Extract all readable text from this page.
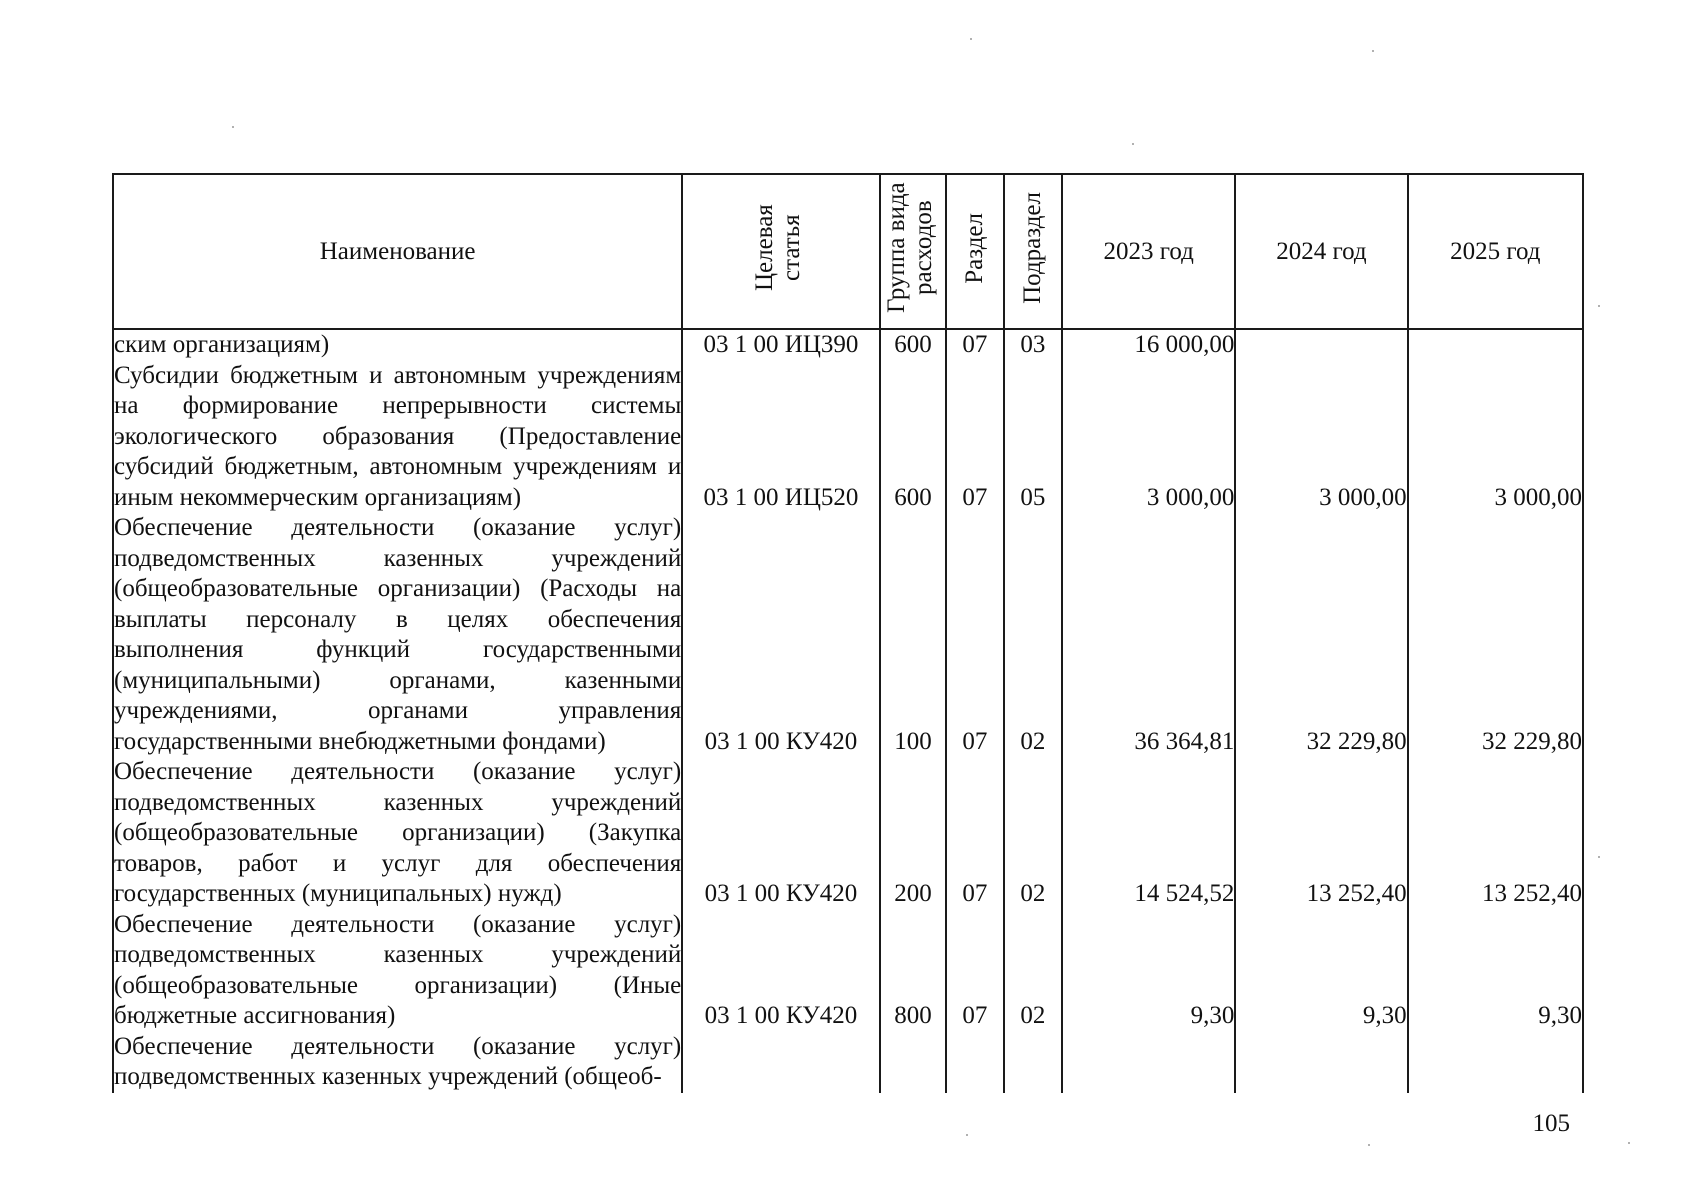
Наименование	Целевая статья	Группа вида расходов	Раздел	Подраздел	2023 год	2024 год	2025 год
ским организациям)	03 1 00 ИЦ390	600	07	03	16 000,00		
Субсидии бюджетным и автономным учреждениям на формирование непрерывности системы экологического образования (Предоставление субсидий бюджетным, автономным учреждениям и иным некоммерческим организациям)	03 1 00 ИЦ520	600	07	05	3 000,00	3 000,00	3 000,00
Обеспечение деятельности (оказание услуг) подведомственных казенных учреждений (общеобразовательные организации) (Расходы на выплаты персоналу в целях обеспечения выполнения функций государственными (муниципальными) органами, казенными учреждениями, органами управления государственными внебюджетными фондами)	03 1 00 КУ420	100	07	02	36 364,81	32 229,80	32 229,80
Обеспечение деятельности (оказание услуг) подведомственных казенных учреждений (общеобразовательные организации) (Закупка товаров, работ и услуг для обеспечения государственных (муниципальных) нужд)	03 1 00 КУ420	200	07	02	14 524,52	13 252,40	13 252,40
Обеспечение деятельности (оказание услуг) подведомственных казенных учреждений (общеобразовательные организации) (Иные бюджетные ассигнования)	03 1 00 КУ420	800	07	02	9,30	9,30	9,30
Обеспечение деятельности (оказание услуг) подведомственных казенных учреждений (общеоб-							
105
